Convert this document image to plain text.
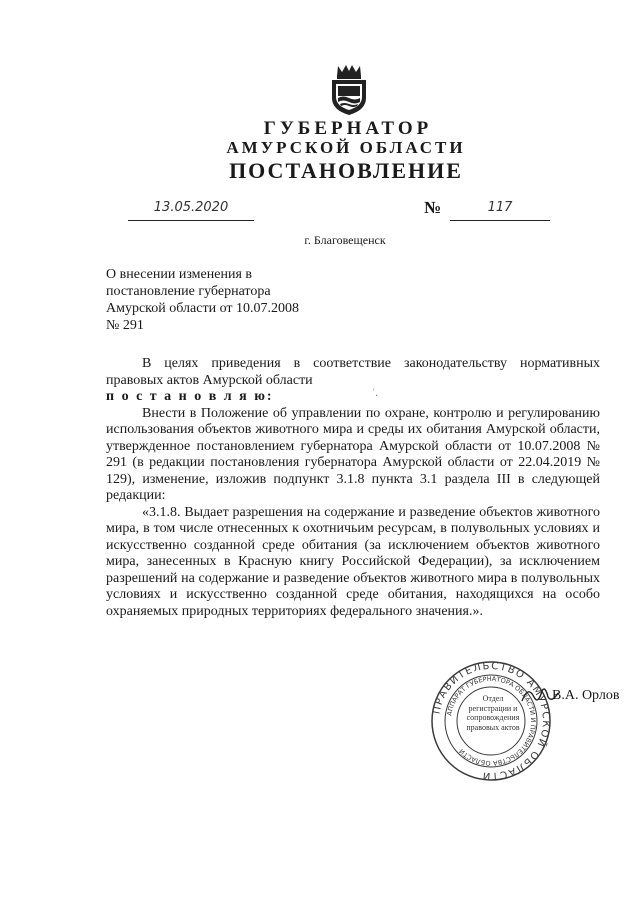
ГУБЕРНАТОР
АМУРСКОЙ ОБЛАСТИ
ПОСТАНОВЛЕНИЕ
13.05.2020	№	117
г. Благовещенск
О внесении изменения в постановление губернатора Амурской области от 10.07.2008 № 291
ʿ.

В целях приведения в соответствие законодательству нормативных правовых актов Амурской области

п о с т а н о в л я ю:

Внести в Положение об управлении по охране, контролю и регулированию использования объектов животного мира и среды их обитания Амурской области, утвержденное постановлением губернатора Амурской области от 10.07.2008 № 291 (в редакции постановления губернатора Амурской области от 22.04.2019 № 129), изменение, изложив подпункт 3.1.8 пункта 3.1 раздела III в следующей редакции:

«3.1.8. Выдает разрешения на содержание и разведение объектов животного мира, в том числе отнесенных к охотничьим ресурсам, в полувольных условиях и искусственно созданной среде обитания (за исключением объектов животного мира, занесенных в Красную книгу Российской Федерации), за исключением разрешений на содержание и разведение объектов животного мира в полувольных условиях и искусственно созданной среде обитания, находящихся на особо охраняемых природных территориях федерального значения.».

ПРАВИТЕЛЬСТВО АМУРСКОЙ ОБЛАСТИ
АППАРАТ ГУБЕРНАТОРА ОБЛАСТИ И ПРАВИТЕЛЬСТВА ОБЛАСТИ
Отдел регистрации и сопровождения правовых актов
В.А. Орлов
